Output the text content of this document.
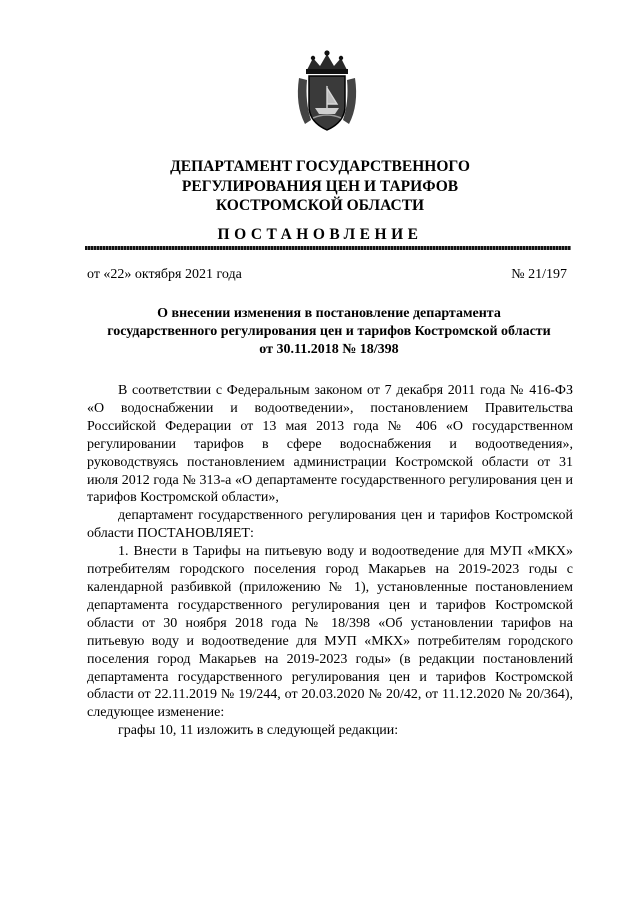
ДЕПАРТАМЕНТ ГОСУДАРСТВЕННОГО
РЕГУЛИРОВАНИЯ ЦЕН И ТАРИФОВ
КОСТРОМСКОЙ ОБЛАСТИ
ПОСТАНОВЛЕНИЕ
от «22» октября 2021 года	№ 21/197
О внесении изменения в постановление департамента
государственного регулирования цен и тарифов Костромской области
от 30.11.2018 № 18/398

В соответствии с Федеральным законом от 7 декабря 2011 года № 416-ФЗ «О водоснабжении и водоотведении», постановлением Правительства Российской Федерации от 13 мая 2013 года № 406 «О государственном регулировании тарифов в сфере водоснабжения и водоотведения», руководствуясь постановлением администрации Костромской области от 31 июля 2012 года № 313-а «О департаменте государственного регулирования цен и тарифов Костромской области»,

департамент государственного регулирования цен и тарифов Костромской области ПОСТАНОВЛЯЕТ:

1. Внести в Тарифы на питьевую воду и водоотведение для МУП «МКХ» потребителям городского поселения город Макарьев на 2019-2023 годы с календарной разбивкой (приложению № 1), установленные постановлением департамента государственного регулирования цен и тарифов Костромской области от 30 ноября 2018 года № 18/398 «Об установлении тарифов на питьевую воду и водоотведение для МУП «МКХ» потребителям городского поселения город Макарьев на 2019-2023 годы» (в редакции постановлений департамента государственного регулирования цен и тарифов Костромской области от 22.11.2019 № 19/244, от 20.03.2020 № 20/42, от 11.12.2020 № 20/364), следующее изменение:

графы 10, 11 изложить в следующей редакции:
